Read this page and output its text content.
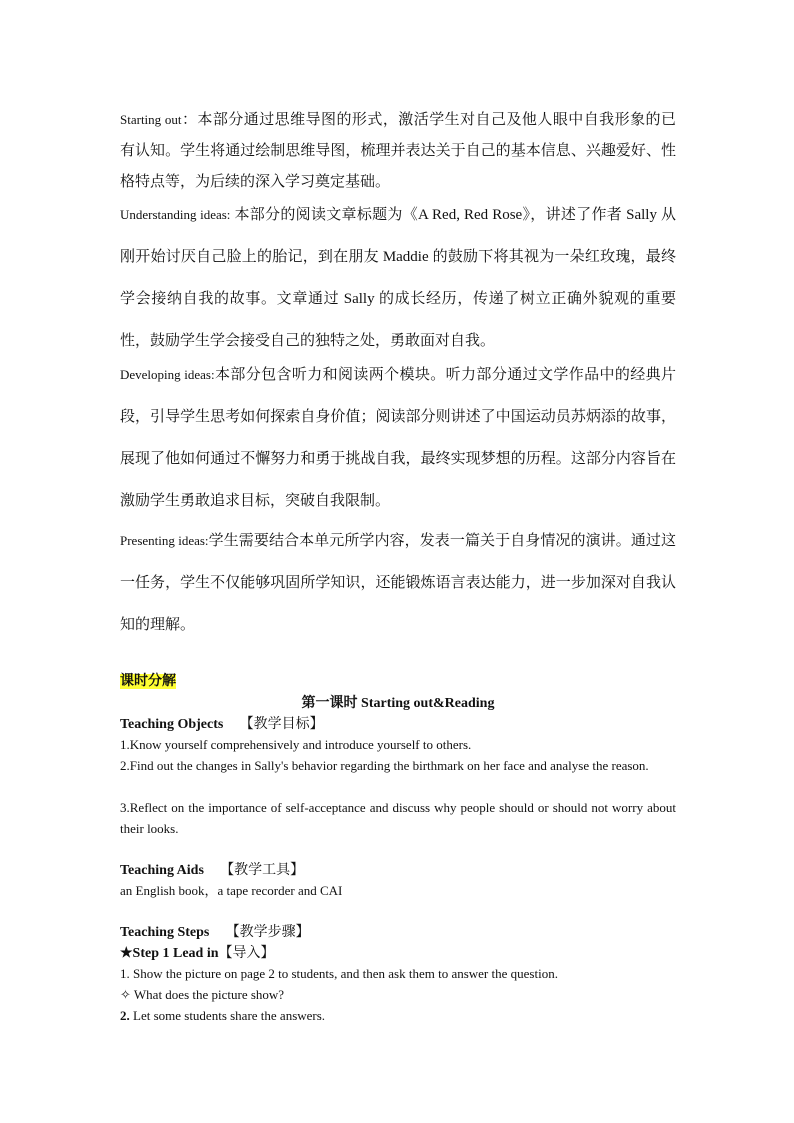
Starting out：本部分通过思维导图的形式，激活学生对自己及他人眼中自我形象的已有认知。学生将通过绘制思维导图，梳理并表达关于自己的基本信息、兴趣爱好、性格特点等，为后续的深入学习奠定基础。

Understanding ideas: 本部分的阅读文章标题为《A Red, Red Rose》，讲述了作者 Sally 从刚开始讨厌自己脸上的胎记，到在朋友 Maddie 的鼓励下将其视为一朵红玫瑰，最终学会接纳自我的故事。文章通过 Sally 的成长经历，传递了树立正确外貌观的重要性，鼓励学生学会接受自己的独特之处，勇敢面对自我。

Developing ideas:本部分包含听力和阅读两个模块。听力部分通过文学作品中的经典片段，引导学生思考如何探索自身价值；阅读部分则讲述了中国运动员苏炳添的故事，展现了他如何通过不懈努力和勇于挑战自我，最终实现梦想的历程。这部分内容旨在激励学生勇敢追求目标，突破自我限制。

Presenting ideas:学生需要结合本单元所学内容，发表一篇关于自身情况的演讲。通过这一任务，学生不仅能够巩固所学知识，还能锻炼语言表达能力，进一步加深对自我认知的理解。

课时分解
第一课时 Starting out&Reading
Teaching Objects 【教学目标】
1.Know yourself comprehensively and introduce yourself to others.
2.Find out the changes in Sally's behavior regarding the birthmark on her face and analyse the reason.
3.Reflect on the importance of self-acceptance and discuss why people should or should not worry about their looks.
Teaching Aids 【教学工具】
an English book，a tape recorder and CAI
Teaching Steps 【教学步骤】
★Step 1 Lead in【导入】
1. Show the picture on page 2 to students, and then ask them to answer the question.
✧ What does the picture show?
2. Let some students share the answers.
